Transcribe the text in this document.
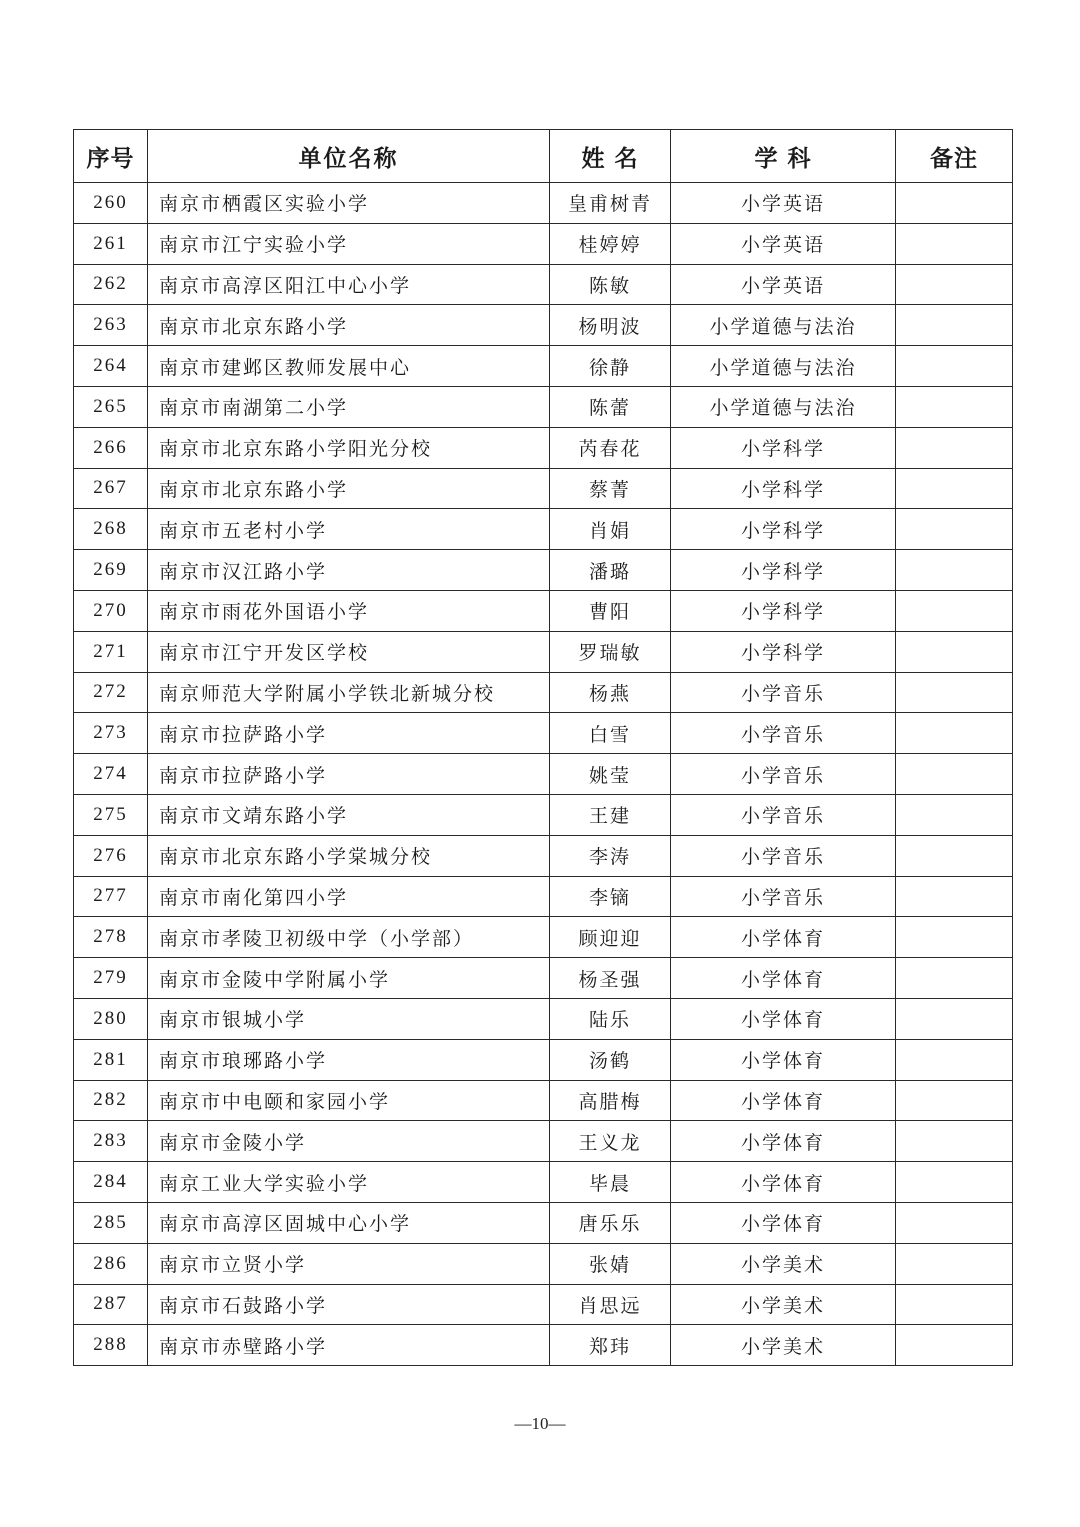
序号	单位名称	姓 名	学 科	备注
260	南京市栖霞区实验小学	皇甫树青	小学英语	
261	南京市江宁实验小学	桂婷婷	小学英语	
262	南京市高淳区阳江中心小学	陈敏	小学英语	
263	南京市北京东路小学	杨明波	小学道德与法治	
264	南京市建邺区教师发展中心	徐静	小学道德与法治	
265	南京市南湖第二小学	陈蕾	小学道德与法治	
266	南京市北京东路小学阳光分校	芮春花	小学科学	
267	南京市北京东路小学	蔡菁	小学科学	
268	南京市五老村小学	肖娟	小学科学	
269	南京市汉江路小学	潘璐	小学科学	
270	南京市雨花外国语小学	曹阳	小学科学	
271	南京市江宁开发区学校	罗瑞敏	小学科学	
272	南京师范大学附属小学铁北新城分校	杨燕	小学音乐	
273	南京市拉萨路小学	白雪	小学音乐	
274	南京市拉萨路小学	姚莹	小学音乐	
275	南京市文靖东路小学	王建	小学音乐	
276	南京市北京东路小学棠城分校	李涛	小学音乐	
277	南京市南化第四小学	李镝	小学音乐	
278	南京市孝陵卫初级中学（小学部）	顾迎迎	小学体育	
279	南京市金陵中学附属小学	杨圣强	小学体育	
280	南京市银城小学	陆乐	小学体育	
281	南京市琅琊路小学	汤鹤	小学体育	
282	南京市中电颐和家园小学	高腊梅	小学体育	
283	南京市金陵小学	王义龙	小学体育	
284	南京工业大学实验小学	毕晨	小学体育	
285	南京市高淳区固城中心小学	唐乐乐	小学体育	
286	南京市立贤小学	张婧	小学美术	
287	南京市石鼓路小学	肖思远	小学美术	
288	南京市赤壁路小学	郑玮	小学美术	
—10—
